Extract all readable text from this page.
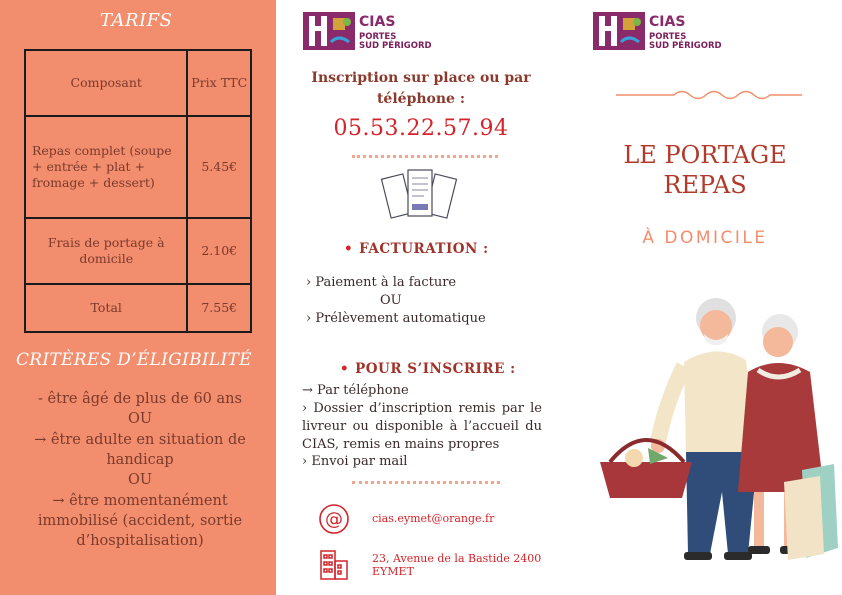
TARIFS
Composant	Prix TTC
Repas complet (soupe + entrée + plat + fromage + dessert)	5.45€
Frais de portage à domicile	2.10€
Total	7.55€
CRITÈRES D’ÉLIGIBILITÉ
- être âgé de plus de 60 ans
OU
→ être adulte en situation de handicap
OU
→ être momentanément immobilisé (accident, sortie d’hospitalisation)
CIAS
PORTES
SUD PÉRIGORD
Inscription sur place ou par téléphone :
05.53.22.57.94
• FACTURATION :
› Paiement à la facture
OU
› Prélèvement automatique
• POUR S’INSCRIRE :
→ Par téléphone
› Dossier d’inscription remis par le livreur ou disponible à l’accueil du CIAS, remis en mains propres
› Envoi par mail
@	cias.eymet@orange.fr
23, Avenue de la Bastide 2400
EYMET
CIAS
PORTES
SUD PÉRIGORD
LE PORTAGE
REPAS
À DOMICILE
